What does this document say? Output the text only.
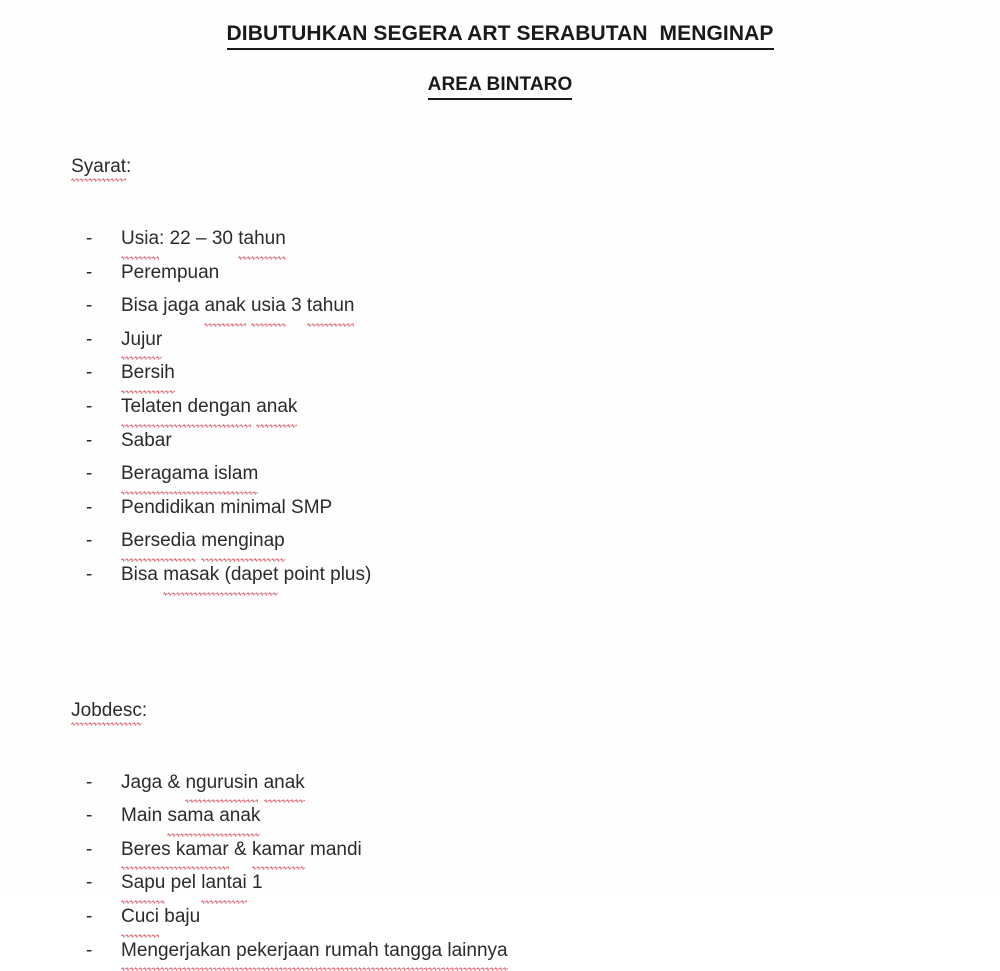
DIBUTUHKAN SEGERA ART SERABUTAN  MENGINAP
AREA BINTARO

Syarat:

- Usia: 22 – 30 tahun
- Perempuan
- Bisa jaga anak usia 3 tahun
- Jujur
- Bersih
- Telaten dengan anak
- Sabar
- Beragama islam
- Pendidikan minimal SMP
- Bersedia menginap
- Bisa masak (dapet point plus)

Jobdesc:

- Jaga & ngurusin anak
- Main sama anak
- Beres kamar & kamar mandi
- Sapu pel lantai 1
- Cuci baju
- Mengerjakan pekerjaan rumah tangga lainnya
